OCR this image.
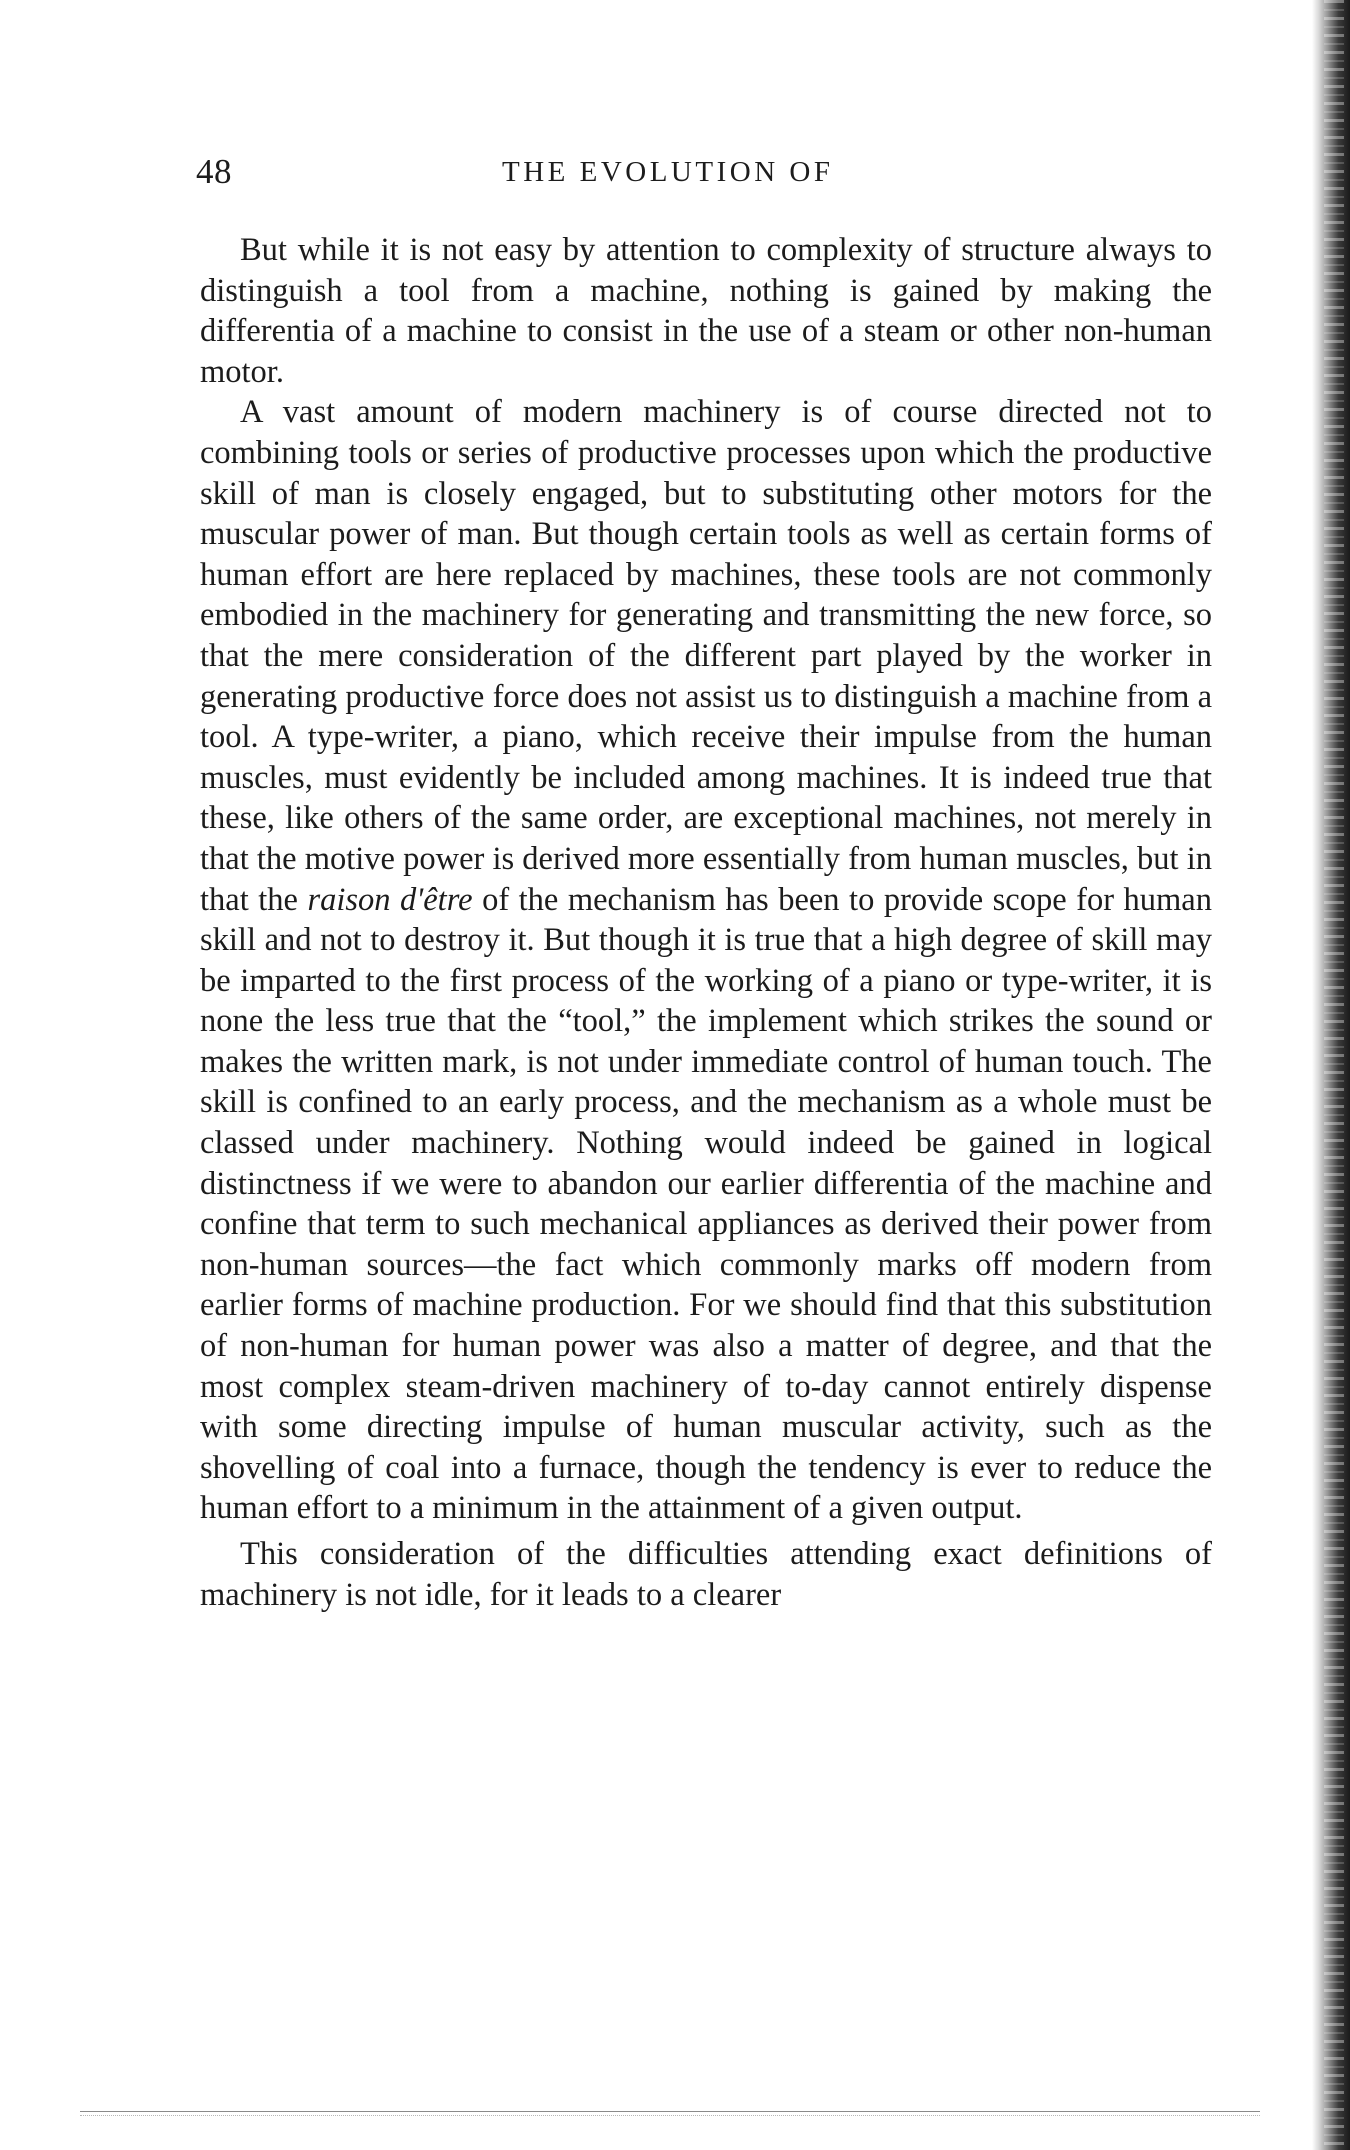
48	THE EVOLUTION OF

But while it is not easy by attention to complexity of structure always to distinguish a tool from a machine, nothing is gained by making the differentia of a machine to consist in the use of a steam or other non-human motor.

A vast amount of modern machinery is of course directed not to combining tools or series of productive processes upon which the productive skill of man is closely engaged, but to substituting other motors for the muscular power of man. But though certain tools as well as certain forms of human effort are here replaced by machines, these tools are not commonly embodied in the machinery for generating and transmitting the new force, so that the mere consideration of the different part played by the worker in generating productive force does not assist us to distinguish a machine from a tool. A type-writer, a piano, which receive their impulse from the human muscles, must evidently be included among machines. It is indeed true that these, like others of the same order, are exceptional machines, not merely in that the motive power is derived more essentially from human muscles, but in that the raison d'être of the mechanism has been to provide scope for human skill and not to destroy it. But though it is true that a high degree of skill may be imparted to the first process of the working of a piano or type-writer, it is none the less true that the “tool,” the implement which strikes the sound or makes the written mark, is not under immediate control of human touch. The skill is confined to an early process, and the mechanism as a whole must be classed under machinery. Nothing would indeed be gained in logical distinctness if we were to abandon our earlier differentia of the machine and confine that term to such mechanical appliances as derived their power from non-human sources—the fact which commonly marks off modern from earlier forms of machine production. For we should find that this substitution of non-human for human power was also a matter of degree, and that the most complex steam-driven machinery of to-day cannot entirely dispense with some directing impulse of human muscular activity, such as the shovelling of coal into a furnace, though the tendency is ever to reduce the human effort to a minimum in the attainment of a given output.

This consideration of the difficulties attending exact definitions of machinery is not idle, for it leads to a clearer
